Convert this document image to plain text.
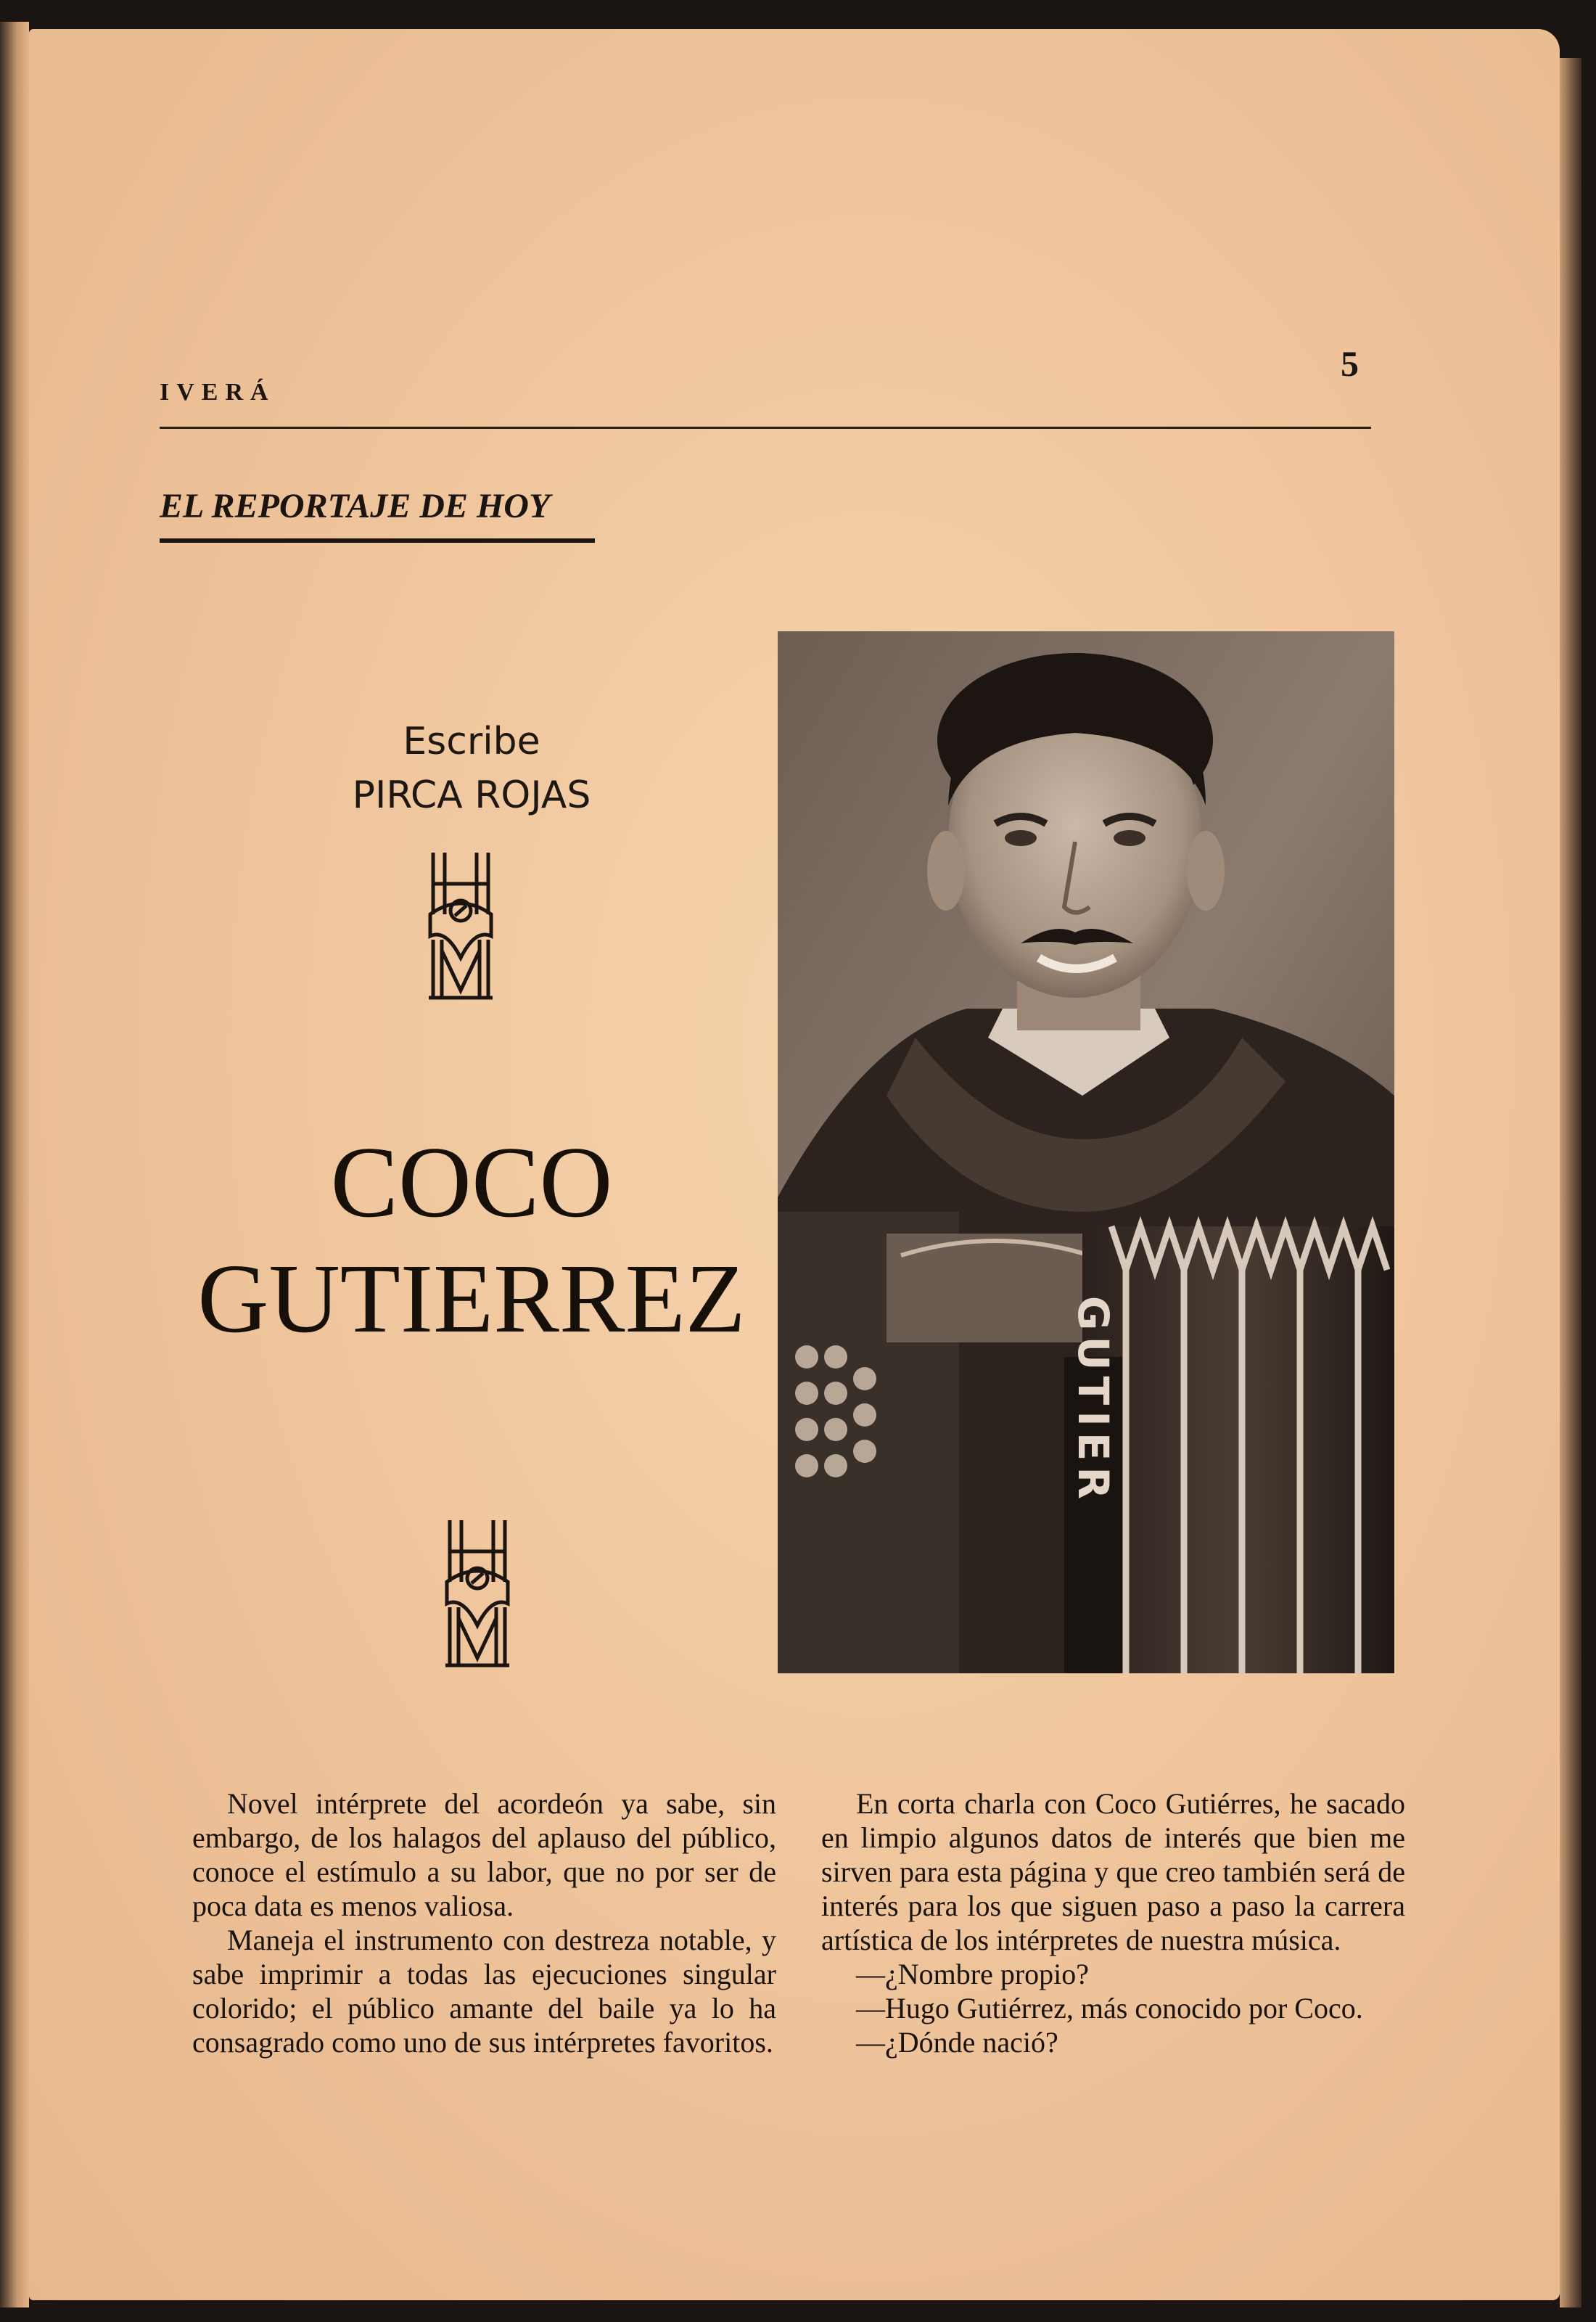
IVERÁ
5
EL REPORTAJE DE HOY
Escribe
PIRCA ROJAS
COCO
GUTIERREZ	GUTIER

Novel intérprete del acordeón ya sabe, sin embargo, de los halagos del aplauso del público, conoce el estímulo a su labor, que no por ser de poca data es menos valiosa.

Maneja el instrumento con destreza notable, y sabe imprimir a todas las ejecuciones singular colorido; el público amante del baile ya lo ha consagrado como uno de sus intérpretes favoritos.

En corta charla con Coco Gutiérres, he sacado en limpio algunos datos de interés que bien me sirven para esta página y que creo también será de interés para los que siguen paso a paso la carrera artística de los intérpretes de nuestra música.

—¿Nombre propio?

—Hugo Gutiérrez, más conocido por Coco.

—¿Dónde nació?
